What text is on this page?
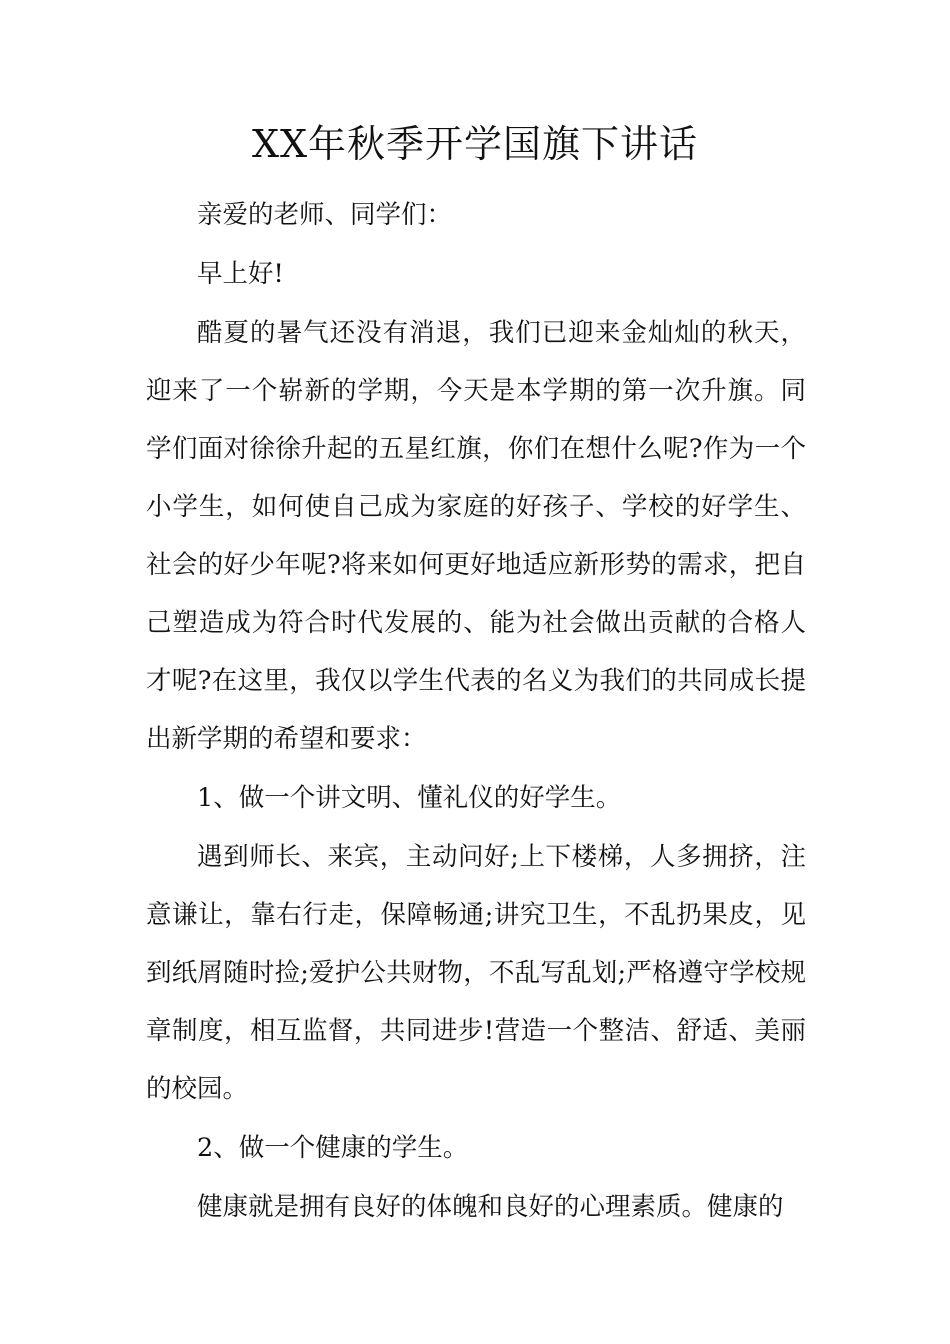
XX年秋季开学国旗下讲话

亲爱的老师、同学们：

早上好!

酷夏的暑气还没有消退，我们已迎来金灿灿的秋天，迎来了一个崭新的学期，今天是本学期的第一次升旗。同学们面对徐徐升起的五星红旗，你们在想什么呢?作为一个小学生，如何使自己成为家庭的好孩子、学校的好学生、社会的好少年呢?将来如何更好地适应新形势的需求，把自己塑造成为符合时代发展的、能为社会做出贡献的合格人才呢?在这里，我仅以学生代表的名义为我们的共同成长提出新学期的希望和要求：

1、做一个讲文明、懂礼仪的好学生。

遇到师长、来宾，主动问好;上下楼梯，人多拥挤，注意谦让，靠右行走，保障畅通;讲究卫生，不乱扔果皮，见到纸屑随时捡;爱护公共财物，不乱写乱划;严格遵守学校规章制度，相互监督，共同进步!营造一个整洁、舒适、美丽的校园。

2、做一个健康的学生。

健康就是拥有良好的体魄和良好的心理素质。健康的
